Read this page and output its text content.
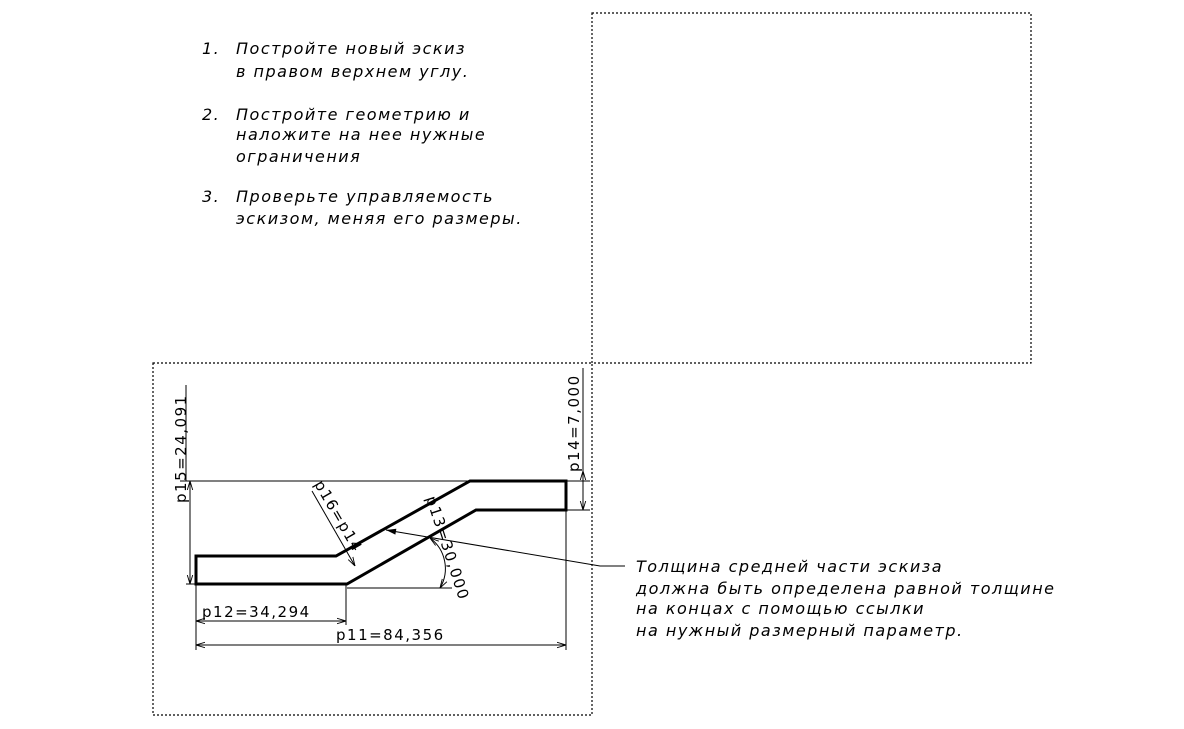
1. Постройте новый эскиз
в правом верхнем углу.
2. Постройте геометрию и
наложите на нее нужные
ограничения
3. Проверьте управляемость
эскизом, меняя его размеры.
p15=24,091	p14=7,000
p16=p14	p13=30,000
p12=34,294
p11=84,356
Толщина средней части эскиза
должна быть определена равной толщине
на концах с помощью ссылки
на нужный размерный параметр.
